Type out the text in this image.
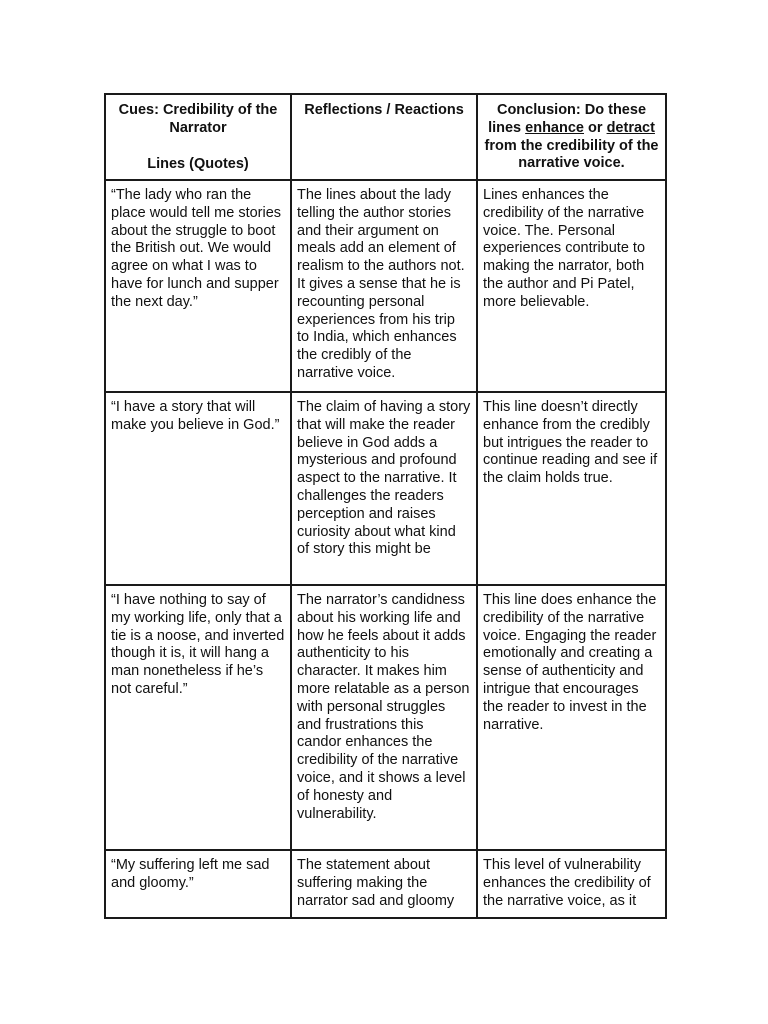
Cues: Credibility of the Narrator
Lines (Quotes)	Reflections / Reactions	Conclusion: Do these lines enhance or detract from the credibility of the narrative voice.

“The lady who ran the place would tell me stories about the struggle to boot the British out. We would agree on what I was to have for lunch and supper the next day.”	The lines about the lady telling the author stories and their argument on meals add an element of realism to the authors not. It gives a sense that he is recounting personal experiences from his trip to India, which enhances the credibly of the narrative voice.	Lines enhances the credibility of the narrative voice. The. Personal experiences contribute to making the narrator, both the author and Pi Patel, more believable.

“I have a story that will make you believe in God.”	The claim of having a story that will make the reader believe in God adds a mysterious and profound aspect to the narrative. It challenges the readers perception and raises curiosity about what kind of story this might be	This line doesn’t directly enhance from the credibly but intrigues the reader to continue reading and see if the claim holds true.

“I have nothing to say of my working life, only that a tie is a noose, and inverted though it is, it will hang a man nonetheless if he’s not careful.”	The narrator’s candidness about his working life and how he feels about it adds authenticity to his character. It makes him more relatable as a person with personal struggles and frustrations this candor enhances the credibility of the narrative voice, and it shows a level of honesty and vulnerability.	This line does enhance the credibility of the narrative voice. Engaging the reader emotionally and creating a sense of authenticity and intrigue that encourages the reader to invest in the narrative.

“My suffering left me sad and gloomy.”	The statement about suffering making the narrator sad and gloomy	This level of vulnerability enhances the credibility of the narrative voice, as it
